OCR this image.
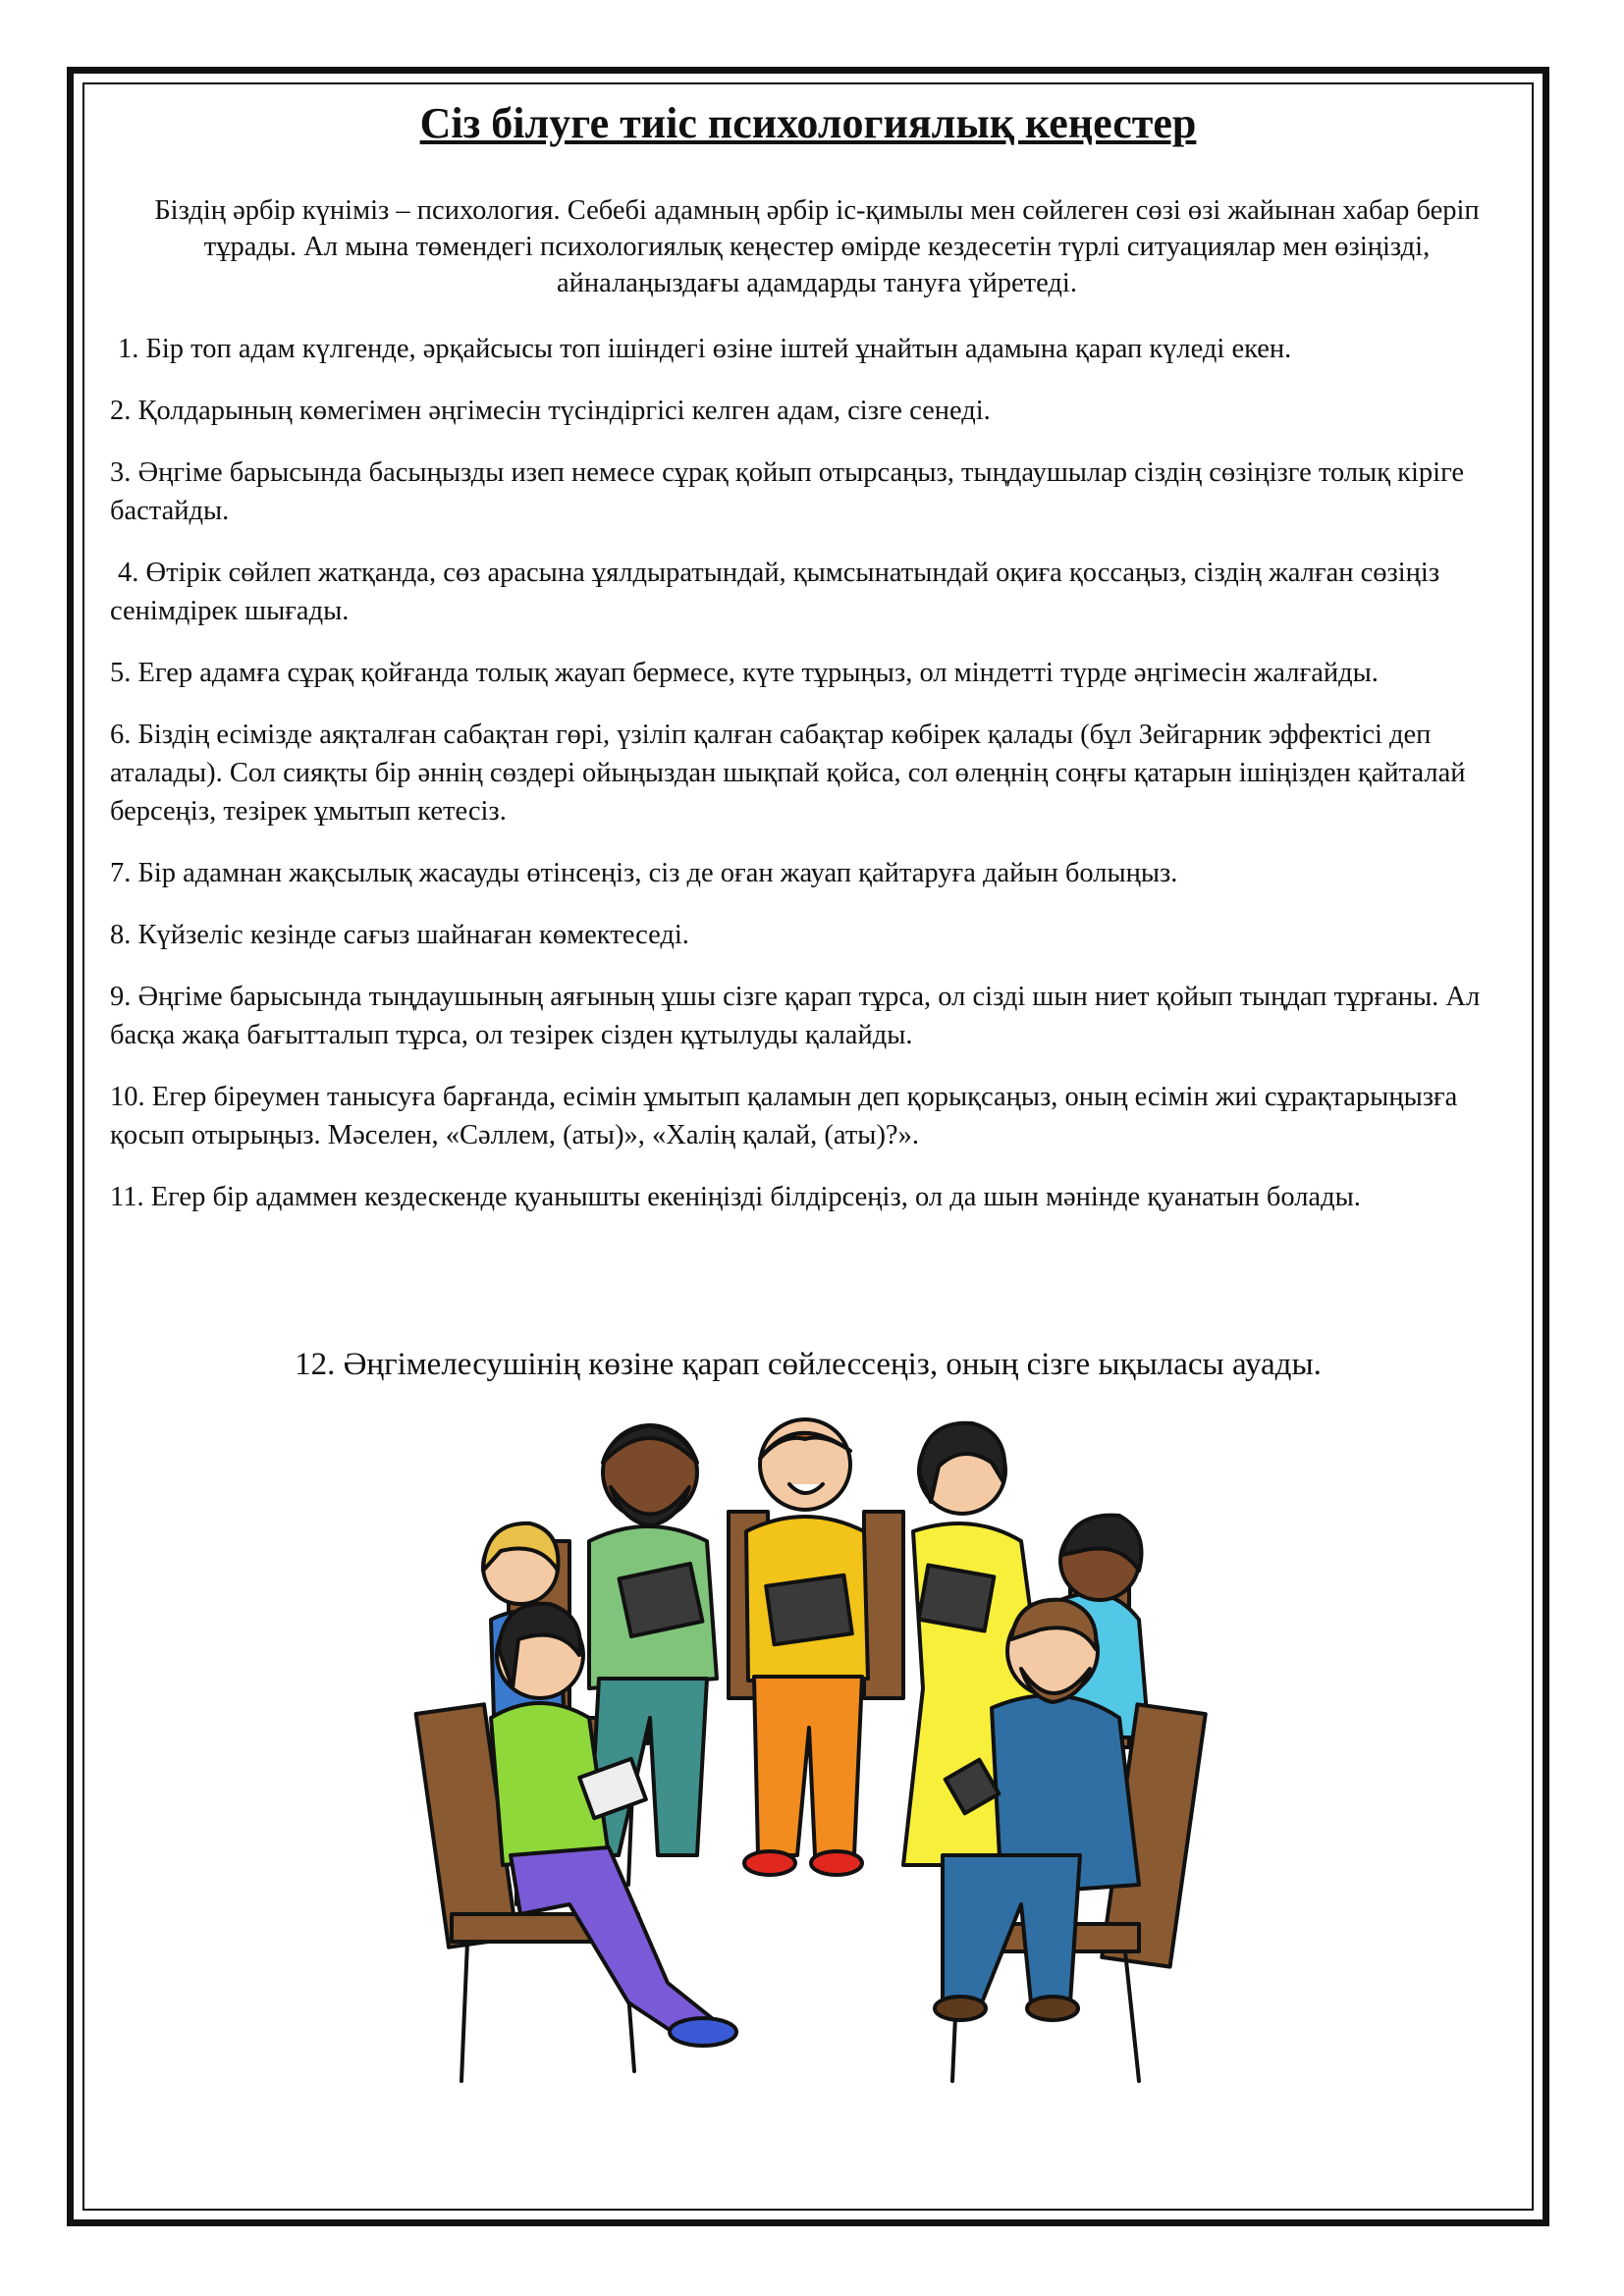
Сіз білуге тиіс психологиялық кеңестер

Біздің әрбір күніміз – психология. Себебі адамның әрбір іс-қимылы мен сөйлеген сөзі өзі жайынан хабар беріп тұрады. Ал мына төмендегі психологиялық кеңестер өмірде кездесетін түрлі ситуациялар мен өзіңізді, айналаңыздағы адамдарды тануға үйретеді.

1. Бір топ адам күлгенде, әрқайсысы топ ішіндегі өзіне іштей ұнайтын адамына қарап күледі екен.
2. Қолдарының көмегімен әңгімесін түсіндіргісі келген адам, сізге сенеді.
3. Әңгіме барысында басыңызды изеп немесе сұрақ қойып отырсаңыз, тыңдаушылар сіздің сөзіңізге толық кіріге бастайды.
4. Өтірік сөйлеп жатқанда, сөз арасына ұялдыратындай, қымсынатындай оқиға қоссаңыз, сіздің жалған сөзіңіз сенімдірек шығады.
5. Егер адамға сұрақ қойғанда толық жауап бермесе, күте тұрыңыз, ол міндетті түрде әңгімесін жалғайды.
6. Біздің есімізде аяқталған сабақтан гөрі, үзіліп қалған сабақтар көбірек қалады (бұл Зейгарник эффектісі деп аталады). Сол сияқты бір әннің сөздері ойыңыздан шықпай қойса, сол өлеңнің соңғы қатарын ішіңізден қайталай берсеңіз, тезірек ұмытып кетесіз.
7. Бір адамнан жақсылық жасауды өтінсеңіз, сіз де оған жауап қайтаруға дайын болыңыз.
8. Күйзеліс кезінде сағыз шайнаған көмектеседі.
9. Әңгіме барысында тыңдаушының аяғының ұшы сізге қарап тұрса, ол сізді шын ниет қойып тыңдап тұрғаны. Ал басқа жақа бағытталып тұрса, ол тезірек сізден құтылуды қалайды.
10. Егер біреумен танысуға барғанда, есімін ұмытып қаламын деп қорықсаңыз, оның есімін жиі сұрақтарыңызға қосып отырыңыз. Мәселен, «Сәллем, (аты)», «Халің қалай, (аты)?».
11. Егер бір адаммен кездескенде қуанышты екеніңізді білдірсеңіз, ол да шын мәнінде қуанатын болады.

12. Әңгімелесушінің көзіне қарап сөйлессеңіз, оның сізге ықыласы ауады.
